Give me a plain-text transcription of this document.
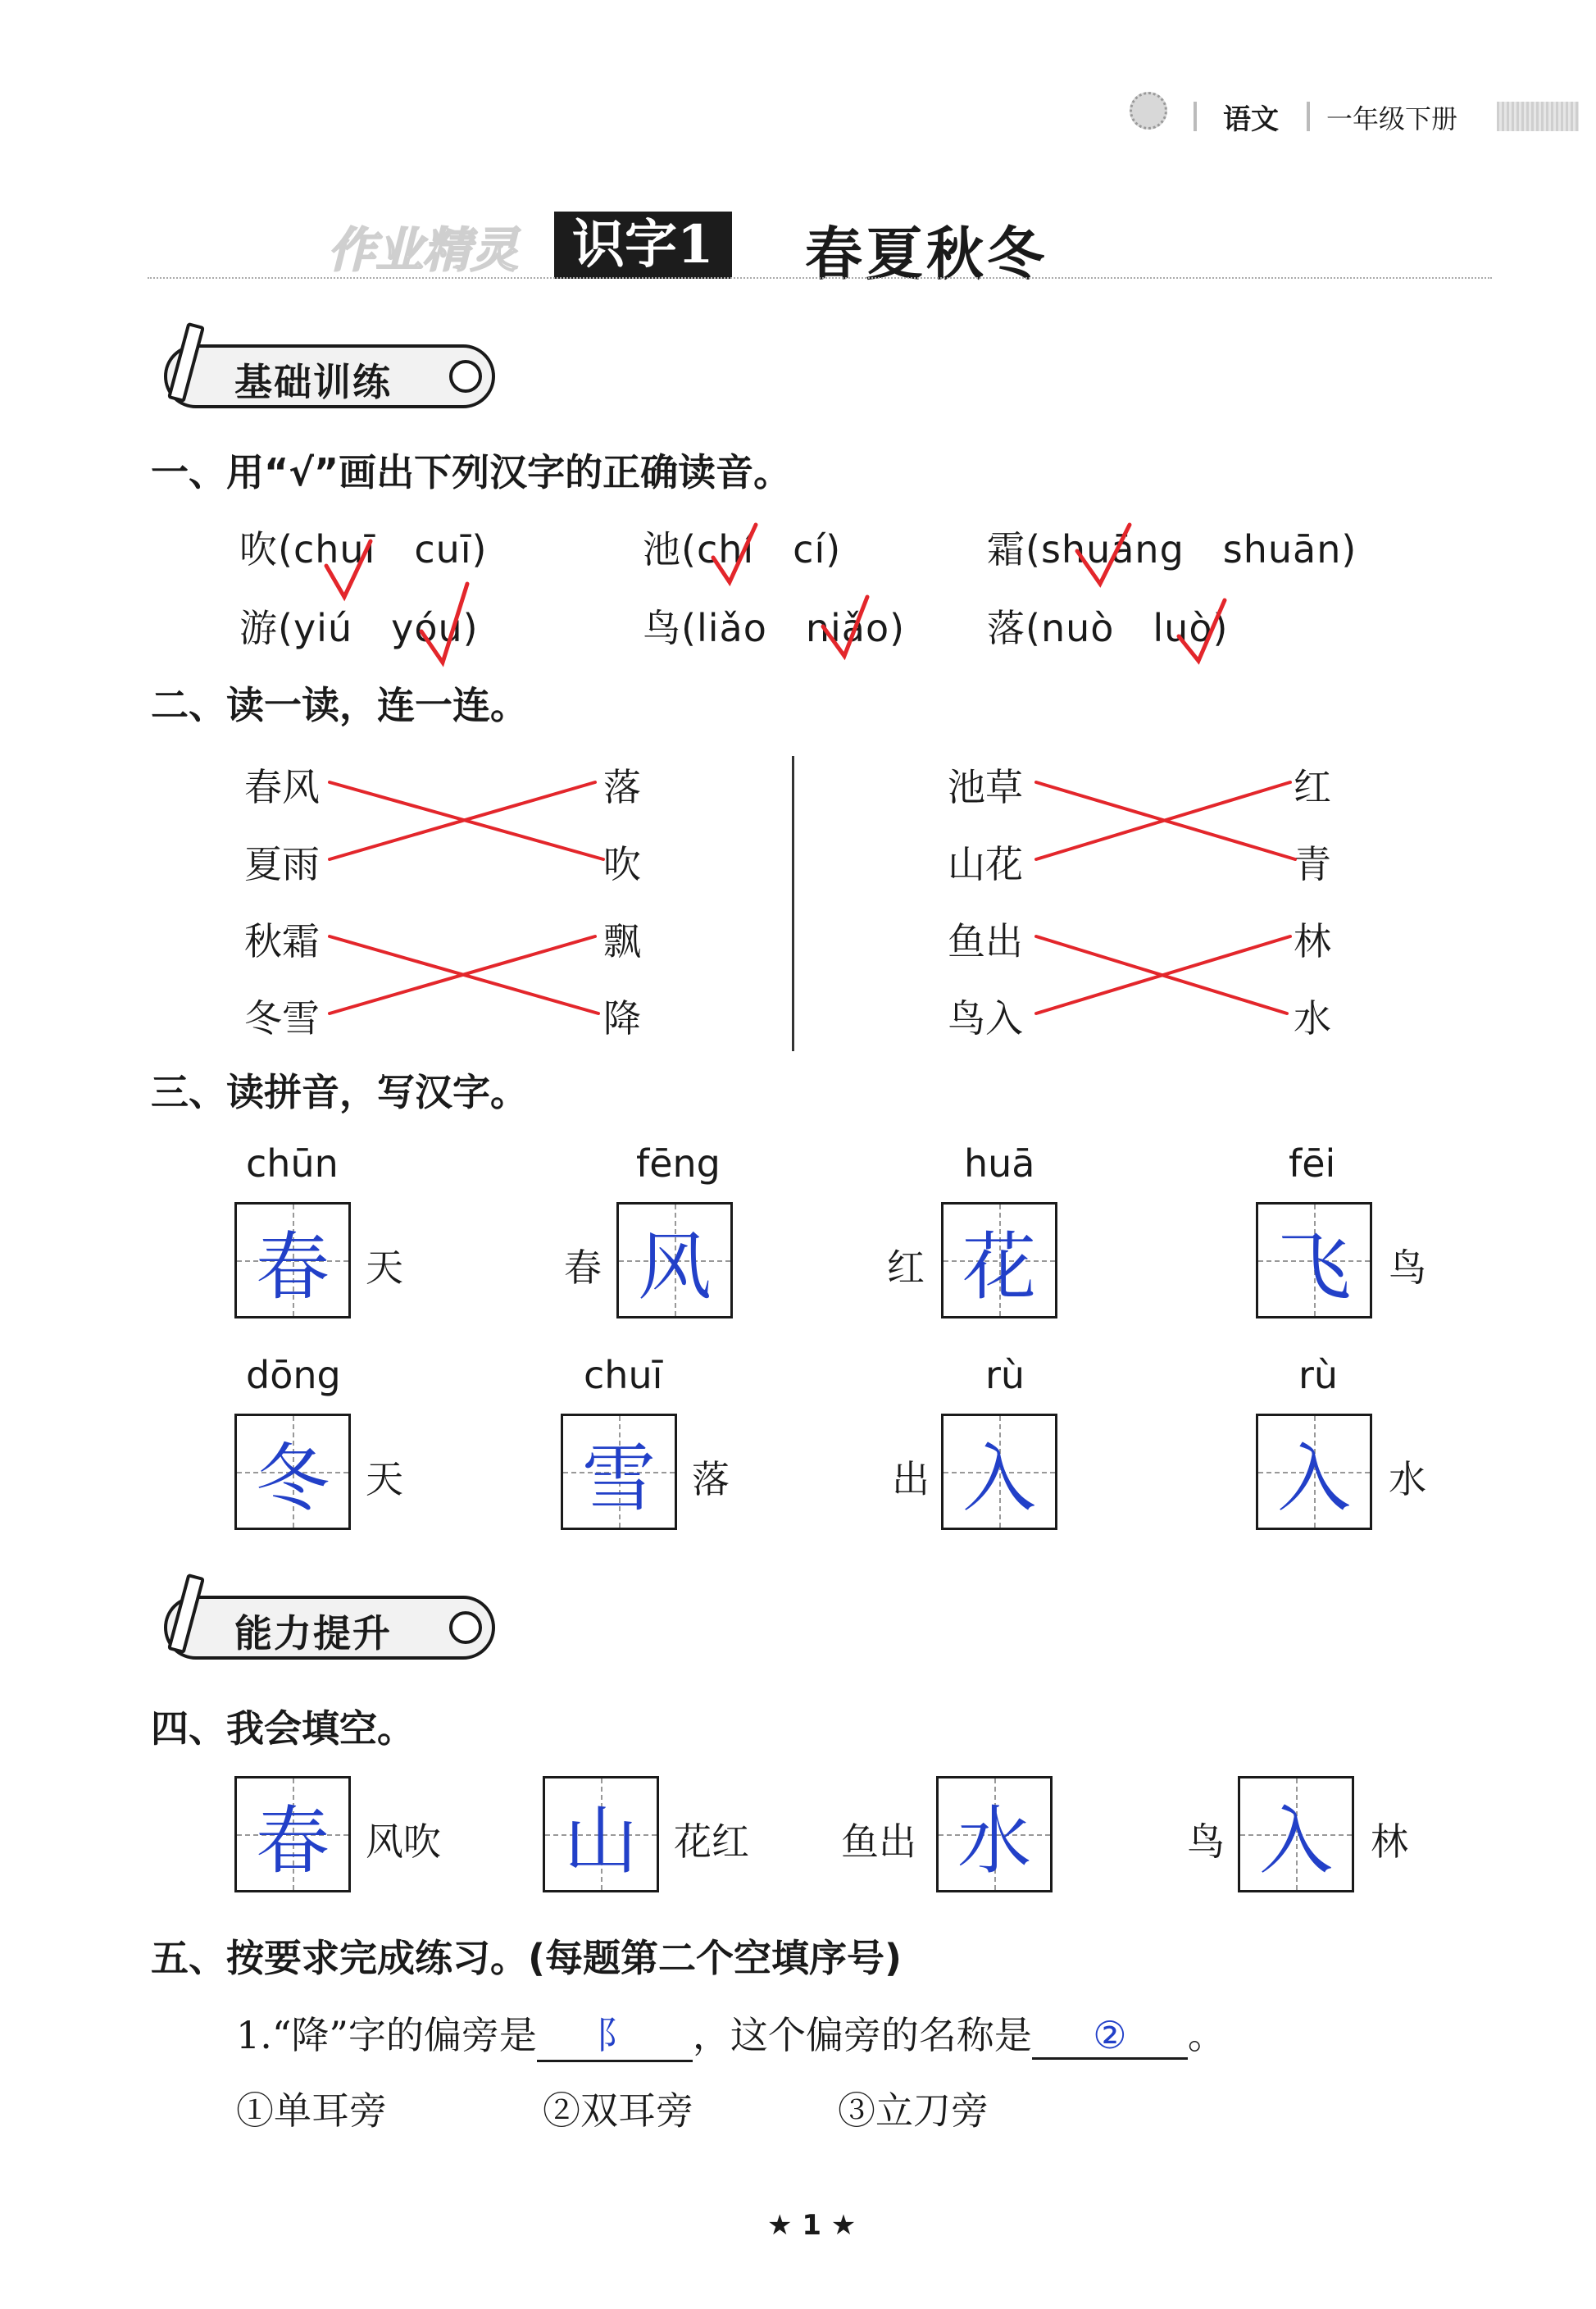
语文 一年级下册
作业精灵	识字1	春夏秋冬
基础训练
一、用“√”画出下列汉字的正确读音。
吹(chuī　cuī)	池(chí　cí)	霜(shuāng　shuān)
游(yiú　yóu)	鸟(liǎo　niǎo) 落(nuò　luò)
二、读一读，连一连。
春风
夏雨
秋霜
冬雪
落
吹
飘
降
池草
山花
鱼出
鸟入
红
青
林
水
三、读拼音，写汉字。
chūn
春 天
fēng
春 风
huā
红 花
fēi
飞	鸟
dōng
冬 天
chuī
雪 落
rù
出 入
rù
入	水
能力提升
四、我会填空。
春 风吹 山 花红 鱼出 水	鸟 入	林
五、按要求完成练习。(每题第二个空填序号)
1.“降”字的偏旁是 阝 ，这个偏旁的名称是 ② 。
①单耳旁	②双耳旁	③立刀旁
★ 1 ★
